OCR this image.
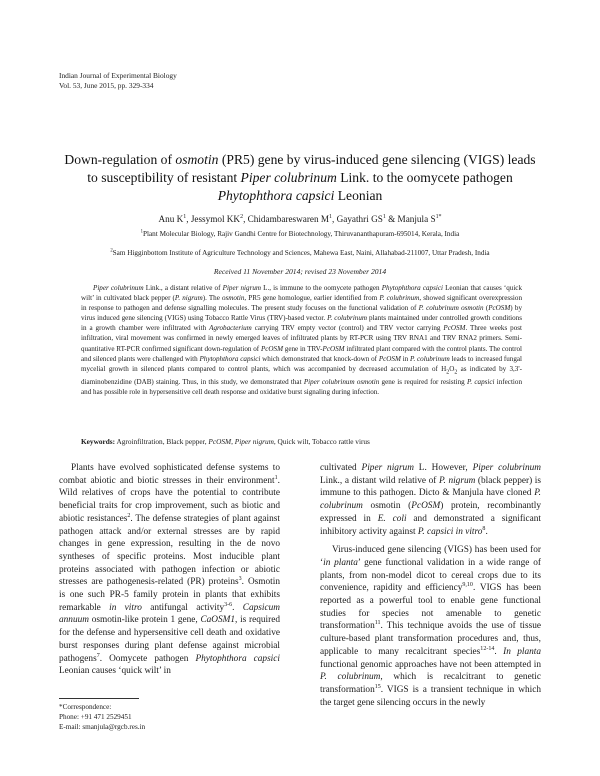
Indian Journal of Experimental Biology
Vol. 53, June 2015, pp. 329-334
Down-regulation of osmotin (PR5) gene by virus-induced gene silencing (VIGS) leads to susceptibility of resistant Piper colubrinum Link. to the oomycete pathogen Phytophthora capsici Leonian
Anu $K^1$, Jessymol $KK^2$, Chidambareswaren $M^1$, Gayathri $GS^1$ & Manjula $S^{1*}$
$^1$Plant Molecular Biology, Rajiv Gandhi Centre for Biotechnology, Thiruvananthapuram-695014, Kerala, India
$^2$Sam Higginbottom Institute of Agriculture Technology and Sciences, Mahewa East, Naini, Allahabad-211007, Uttar Pradesh, India
Received 11 November 2014; revised 23 November 2014
Piper colubrinum Link., a distant relative of Piper nigrum L., is immune to the oomycete pathogen Phytophthora capsici Leonian that causes ‘quick wilt’ in cultivated black pepper (P. nigrum). The osmotin, PR5 gene homologue, earlier identified from P. colubrinum, showed significant overexpression in response to pathogen and defense signalling molecules. The present study focuses on the functional validation of P. colubrinum osmotin (PcOSM) by virus induced gene silencing (VIGS) using Tobacco Rattle Virus (TRV)-based vector. P. colubrinum plants maintained under controlled growth conditions in a growth chamber were infiltrated with Agrobacterium carrying TRV empty vector (control) and TRV vector carrying PcOSM. Three weeks post infiltration, viral movement was confirmed in newly emerged leaves of infiltrated plants by RT-PCR using TRV RNA1 and TRV RNA2 primers. Semi-quantitative RT-PCR confirmed significant down-regulation of PcOSM gene in TRV-PcOSM infiltrated plant compared with the control plants. The control and silenced plants were challenged with Phytophthora capsici which demonstrated that knock-down of PcOSM in P. colubrinum leads to increased fungal mycelial growth in silenced plants compared to control plants, which was accompanied by decreased accumulation of $H_2O_2$ as indicated by 3,3'-diaminobenzidine (DAB) staining. Thus, in this study, we demonstrated that Piper colubrinum osmotin gene is required for resisting P. capsici infection and has possible role in hypersensitive cell death response and oxidative burst signaling during infection.
Keywords: Agroinfiltration, Black pepper, PcOSM, Piper nigrum, Quick wilt, Tobacco rattle virus

Plants have evolved sophisticated defense systems to combat abiotic and biotic stresses in their environment$^1$. Wild relatives of crops have the potential to contribute beneficial traits for crop improvement, such as biotic and abiotic resistances$^2$. The defense strategies of plant against pathogen attack and/or external stresses are by rapid changes in gene expression, resulting in the de novo syntheses of specific proteins. Most inducible plant proteins associated with pathogen infection or abiotic stresses are pathogenesis-related (PR) proteins$^3$. Osmotin is one such PR-5 family protein in plants that exhibits remarkable in vitro antifungal activity$^{3-6}$. Capsicum annuum osmotin-like protein 1 gene, CaOSM1, is required for the defense and hypersensitive cell death and oxidative burst responses during plant defense against microbial pathogens$^7$. Oomycete pathogen Phytophthora capsici Leonian causes ‘quick wilt’ in

cultivated Piper nigrum L. However, Piper colubrinum Link., a distant wild relative of P. nigrum (black pepper) is immune to this pathogen. Dicto & Manjula have cloned P. colubrinum osmotin (PcOSM) protein, recombinantly expressed in E. coli and demonstrated a significant inhibitory activity against P. capsici in vitro$^8$.

Virus-induced gene silencing (VIGS) has been used for ‘in planta’ gene functional validation in a wide range of plants, from non-model dicot to cereal crops due to its convenience, rapidity and efficiency$^{9,10}$. VIGS has been reported as a powerful tool to enable gene functional studies for species not amenable to genetic transformation$^{11}$. This technique avoids the use of tissue culture-based plant transformation procedures and, thus, applicable to many recalcitrant species$^{12-14}$. In planta functional genomic approaches have not been attempted in P. colubrinum, which is recalcitrant to genetic transformation$^{15}$. VIGS is a transient technique in which the target gene silencing occurs in the newly

*Correspondence:
Phone: +91 471 2529451
E-mail: smanjula@rgcb.res.in
